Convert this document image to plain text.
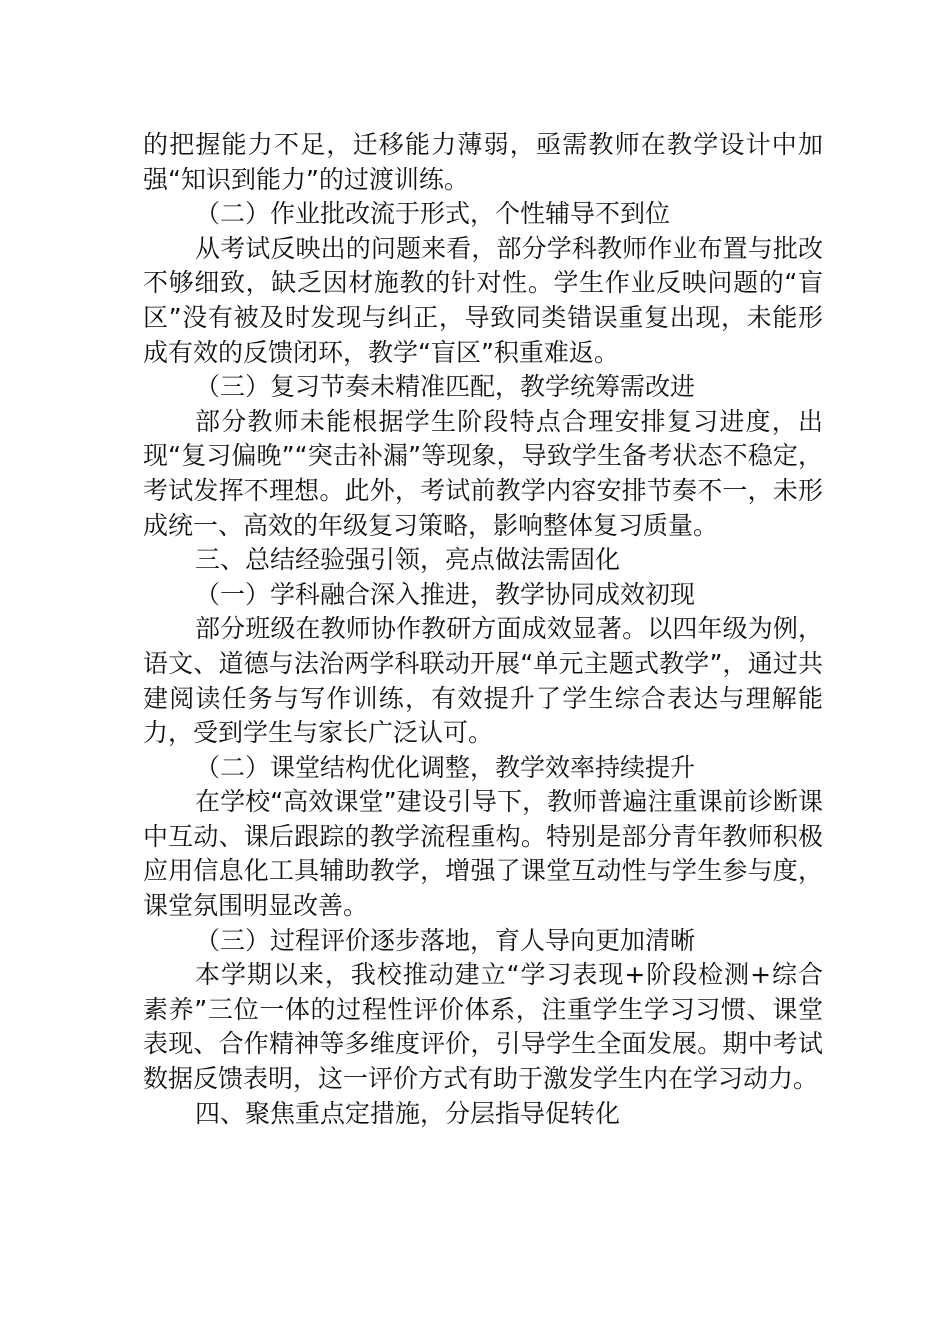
的把握能力不足，迁移能力薄弱，亟需教师在教学设计中加强“知识到能力”的过渡训练。

（二）作业批改流于形式，个性辅导不到位

从考试反映出的问题来看，部分学科教师作业布置与批改不够细致，缺乏因材施教的针对性。学生作业反映问题的“盲区”没有被及时发现与纠正，导致同类错误重复出现，未能形成有效的反馈闭环，教学“盲区”积重难返。

（三）复习节奏未精准匹配，教学统筹需改进

部分教师未能根据学生阶段特点合理安排复习进度，出现“复习偏晚”“突击补漏”等现象，导致学生备考状态不稳定，考试发挥不理想。此外，考试前教学内容安排节奏不一，未形成统一、高效的年级复习策略，影响整体复习质量。

三、总结经验强引领，亮点做法需固化

（一）学科融合深入推进，教学协同成效初现

部分班级在教师协作教研方面成效显著。以四年级为例，语文、道德与法治两学科联动开展“单元主题式教学”，通过共建阅读任务与写作训练，有效提升了学生综合表达与理解能力，受到学生与家长广泛认可。

（二）课堂结构优化调整，教学效率持续提升

在学校“高效课堂”建设引导下，教师普遍注重课前诊断课中互动、课后跟踪的教学流程重构。特别是部分青年教师积极应用信息化工具辅助教学，增强了课堂互动性与学生参与度，课堂氛围明显改善。

（三）过程评价逐步落地，育人导向更加清晰

本学期以来，我校推动建立“学习表现+阶段检测+综合素养”三位一体的过程性评价体系，注重学生学习习惯、课堂表现、合作精神等多维度评价，引导学生全面发展。期中考试数据反馈表明，这一评价方式有助于激发学生内在学习动力。

四、聚焦重点定措施，分层指导促转化
